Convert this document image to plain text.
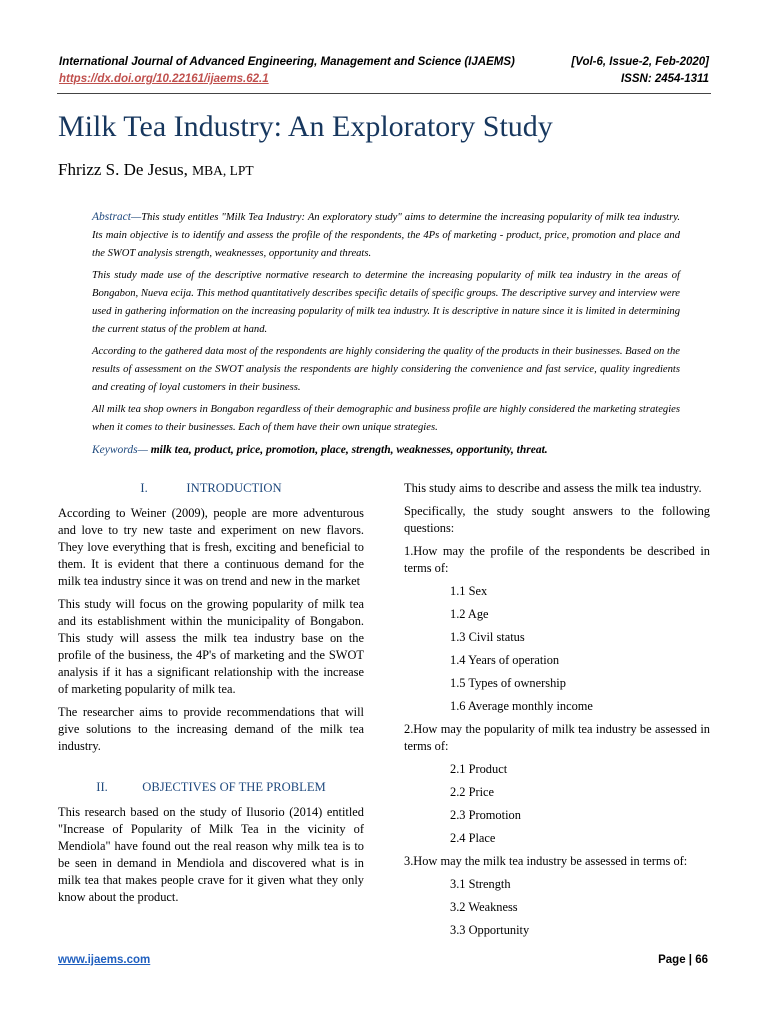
International Journal of Advanced Engineering, Management and Science (IJAEMS)	[Vol-6, Issue-2, Feb-2020]
https://dx.doi.org/10.22161/ijaems.62.1	ISSN: 2454-1311
Milk Tea Industry: An Exploratory Study
Fhrizz S. De Jesus, MBA, LPT

Abstract—This study entitles "Milk Tea Industry: An exploratory study" aims to determine the increasing popularity of milk tea industry. Its main objective is to identify and assess the profile of the respondents, the 4Ps of marketing - product, price, promotion and place and the SWOT analysis strength, weaknesses, opportunity and threats.

This study made use of the descriptive normative research to determine the increasing popularity of milk tea industry in the areas of Bongabon, Nueva ecija. This method quantitatively describes specific details of specific groups. The descriptive survey and interview were used in gathering information on the increasing popularity of milk tea industry. It is descriptive in nature since it is limited in determining the current status of the problem at hand.

According to the gathered data most of the respondents are highly considering the quality of the products in their businesses. Based on the results of assessment on the SWOT analysis the respondents are highly considering the convenience and fast service, quality ingredients and creating of loyal customers in their business.

All milk tea shop owners in Bongabon regardless of their demographic and business profile are highly considered the marketing strategies when it comes to their businesses. Each of them have their own unique strategies.

Keywords— milk tea, product, price, promotion, place, strength, weaknesses, opportunity, threat.

I.	INTRODUCTION

According to Weiner (2009), people are more adventurous and love to try new taste and experiment on new flavors. They love everything that is fresh, exciting and beneficial to them. It is evident that there a continuous demand for the milk tea industry since it was on trend and new in the market

This study will focus on the growing popularity of milk tea and its establishment within the municipality of Bongabon. This study will assess the milk tea industry base on the profile of the business, the 4P's of marketing and the SWOT analysis if it has a significant relationship with the increase of marketing popularity of milk tea.

The researcher aims to provide recommendations that will give solutions to the increasing demand of the milk tea industry.

II.	OBJECTIVES OF THE PROBLEM

This research based on the study of Ilusorio (2014) entitled "Increase of Popularity of Milk Tea in the vicinity of Mendiola" have found out the real reason why milk tea is to be seen in demand in Mendiola and discovered what is in milk tea that makes people crave for it given what they only know about the product.

This study aims to describe and assess the milk tea industry.

Specifically, the study sought answers to the following questions:

1.How may the profile of the respondents be described in terms of:

1.1 Sex

1.2 Age

1.3 Civil status

1.4 Years of operation

1.5 Types of ownership

1.6 Average monthly income

2.How may the popularity of milk tea industry be assessed in terms of:

2.1 Product

2.2 Price

2.3 Promotion

2.4 Place

3.How may the milk tea industry be assessed in terms of:

3.1 Strength

3.2 Weakness

3.3 Opportunity

www.ijaems.com	Page | 66
